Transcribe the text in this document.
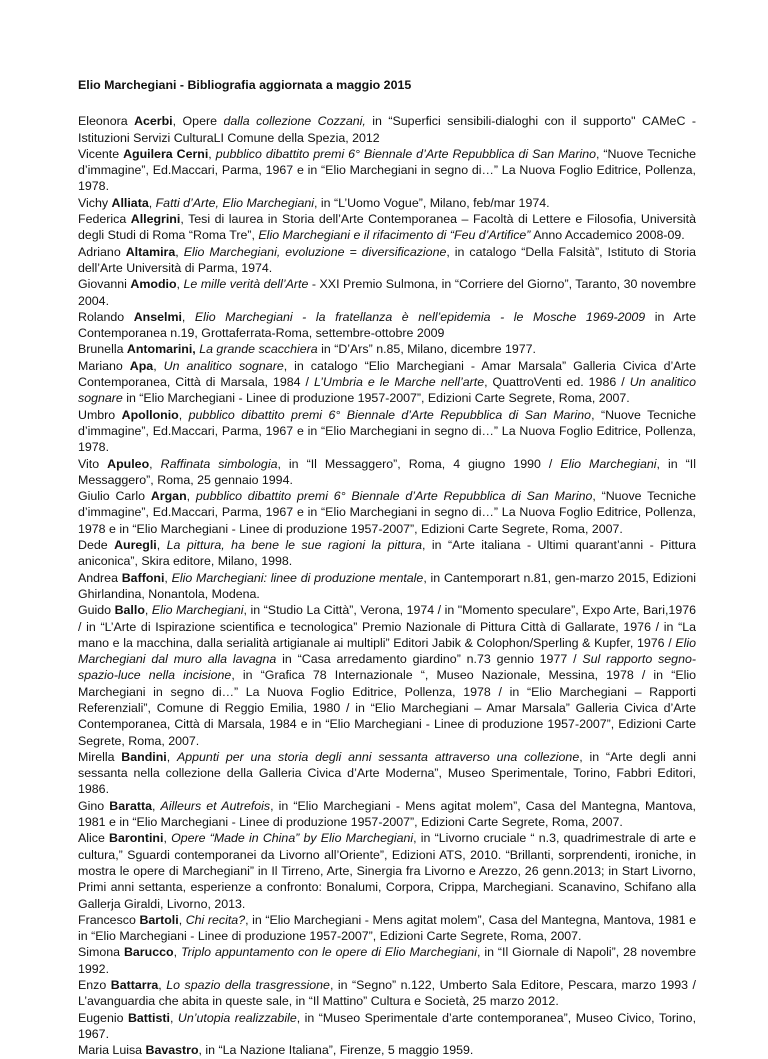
Elio Marchegiani - Bibliografia aggiornata a maggio 2015

Eleonora Acerbi, Opere dalla collezione Cozzani, in “Superfici sensibili-dialoghi con il supporto" CAMeC - Istituzioni Servizi CulturaLI Comune della Spezia, 2012

Vicente Aguilera Cerni, pubblico dibattito premi 6° Biennale d’Arte Repubblica di San Marino, “Nuove Tecniche d’immagine”, Ed.Maccari, Parma, 1967 e in “Elio Marchegiani in segno di…” La Nuova Foglio Editrice, Pollenza, 1978.

Vichy Alliata, Fatti d’Arte, Elio Marchegiani, in “L’Uomo Vogue”, Milano, feb/mar 1974.

Federica Allegrini, Tesi di laurea in Storia dell’Arte Contemporanea – Facoltà di Lettere e Filosofia, Università degli Studi di Roma “Roma Tre”, Elio Marchegiani e il rifacimento di “Feu d’Artifice” Anno Accademico 2008-09.

Adriano Altamira, Elio Marchegiani, evoluzione = diversificazione, in catalogo “Della Falsità”, Istituto di Storia dell’Arte Università di Parma, 1974.

Giovanni Amodio, Le mille verità dell’Arte - XXI Premio Sulmona, in “Corriere del Giorno”, Taranto, 30 novembre 2004.

Rolando Anselmi, Elio Marchegiani - la fratellanza è nell’epidemia - le Mosche 1969-2009 in Arte Contemporanea n.19, Grottaferrata-Roma, settembre-ottobre 2009

Brunella Antomarini, La grande scacchiera in “D’Ars” n.85, Milano, dicembre 1977.

Mariano Apa, Un analitico sognare, in catalogo “Elio Marchegiani - Amar Marsala” Galleria Civica d’Arte Contemporanea, Città di Marsala, 1984 / L’Umbria e le Marche nell’arte, QuattroVenti ed. 1986 / Un analitico sognare in “Elio Marchegiani - Linee di produzione 1957-2007”, Edizioni Carte Segrete, Roma, 2007.

Umbro Apollonio, pubblico dibattito premi 6° Biennale d’Arte Repubblica di San Marino, “Nuove Tecniche d’immagine”, Ed.Maccari, Parma, 1967 e in “Elio Marchegiani in segno di…” La Nuova Foglio Editrice, Pollenza, 1978.

Vito Apuleo, Raffinata simbologia, in “Il Messaggero”, Roma, 4 giugno 1990 / Elio Marchegiani, in “Il Messaggero”, Roma, 25 gennaio 1994.

Giulio Carlo Argan, pubblico dibattito premi 6° Biennale d’Arte Repubblica di San Marino, “Nuove Tecniche d’immagine”, Ed.Maccari, Parma, 1967 e in “Elio Marchegiani in segno di…” La Nuova Foglio Editrice, Pollenza, 1978 e in “Elio Marchegiani - Linee di produzione 1957-2007”, Edizioni Carte Segrete, Roma, 2007.

Dede Auregli, La pittura, ha bene le sue ragioni la pittura, in “Arte italiana - Ultimi quarant’anni - Pittura aniconica”, Skira editore, Milano, 1998.

Andrea Baffoni, Elio Marchegiani: linee di produzione mentale, in Cantemporart n.81, gen-marzo 2015, Edizioni Ghirlandina, Nonantola, Modena.

Guido Ballo, Elio Marchegiani, in “Studio La Città”, Verona, 1974 / in "Momento speculare”, Expo Arte, Bari,1976 / in “L’Arte di Ispirazione scientifica e tecnologica” Premio Nazionale di Pittura Città di Gallarate, 1976 / in “La mano e la macchina, dalla serialità artigianale ai multipli” Editori Jabik & Colophon/Sperling & Kupfer, 1976 / Elio Marchegiani dal muro alla lavagna in “Casa arredamento giardino” n.73 gennio 1977 / Sul rapporto segno-spazio-luce nella incisione, in “Grafica 78 Internazionale “, Museo Nazionale, Messina, 1978 / in “Elio Marchegiani in segno di…” La Nuova Foglio Editrice, Pollenza, 1978 / in “Elio Marchegiani – Rapporti Referenziali”, Comune di Reggio Emilia, 1980 / in “Elio Marchegiani – Amar Marsala” Galleria Civica d’Arte Contemporanea, Città di Marsala, 1984 e in “Elio Marchegiani - Linee di produzione 1957-2007”, Edizioni Carte Segrete, Roma, 2007.

Mirella Bandini, Appunti per una storia degli anni sessanta attraverso una collezione, in “Arte degli anni sessanta nella collezione della Galleria Civica d’Arte Moderna”, Museo Sperimentale, Torino, Fabbri Editori, 1986.

Gino Baratta, Ailleurs et Autrefois, in “Elio Marchegiani - Mens agitat molem”, Casa del Mantegna, Mantova, 1981 e in “Elio Marchegiani - Linee di produzione 1957-2007”, Edizioni Carte Segrete, Roma, 2007.

Alice Barontini, Opere “Made in China” by Elio Marchegiani, in “Livorno cruciale “ n.3, quadrimestrale di arte e cultura,” Sguardi contemporanei da Livorno all’Oriente”, Edizioni ATS, 2010. “Brillanti, sorprendenti, ironiche, in mostra le opere di Marchegiani” in Il Tirreno, Arte, Sinergia fra Livorno e Arezzo, 26 genn.2013; in Start Livorno, Primi anni settanta, esperienze a confronto: Bonalumi, Corpora, Crippa, Marchegiani. Scanavino, Schifano alla Gallerja Giraldi, Livorno, 2013.

Francesco Bartoli, Chi recita?, in “Elio Marchegiani - Mens agitat molem”, Casa del Mantegna, Mantova, 1981 e in “Elio Marchegiani - Linee di produzione 1957-2007”, Edizioni Carte Segrete, Roma, 2007.

Simona Barucco, Triplo appuntamento con le opere di Elio Marchegiani, in “Il Giornale di Napoli”, 28 novembre 1992.

Enzo Battarra, Lo spazio della trasgressione, in “Segno” n.122, Umberto Sala Editore, Pescara, marzo 1993 / L’avanguardia che abita in queste sale, in “Il Mattino” Cultura e Società, 25 marzo 2012.

Eugenio Battisti, Un’utopia realizzabile, in “Museo Sperimentale d’arte contemporanea”, Museo Civico, Torino, 1967.

Maria Luisa Bavastro, in “La Nazione Italiana”, Firenze, 5 maggio 1959.
